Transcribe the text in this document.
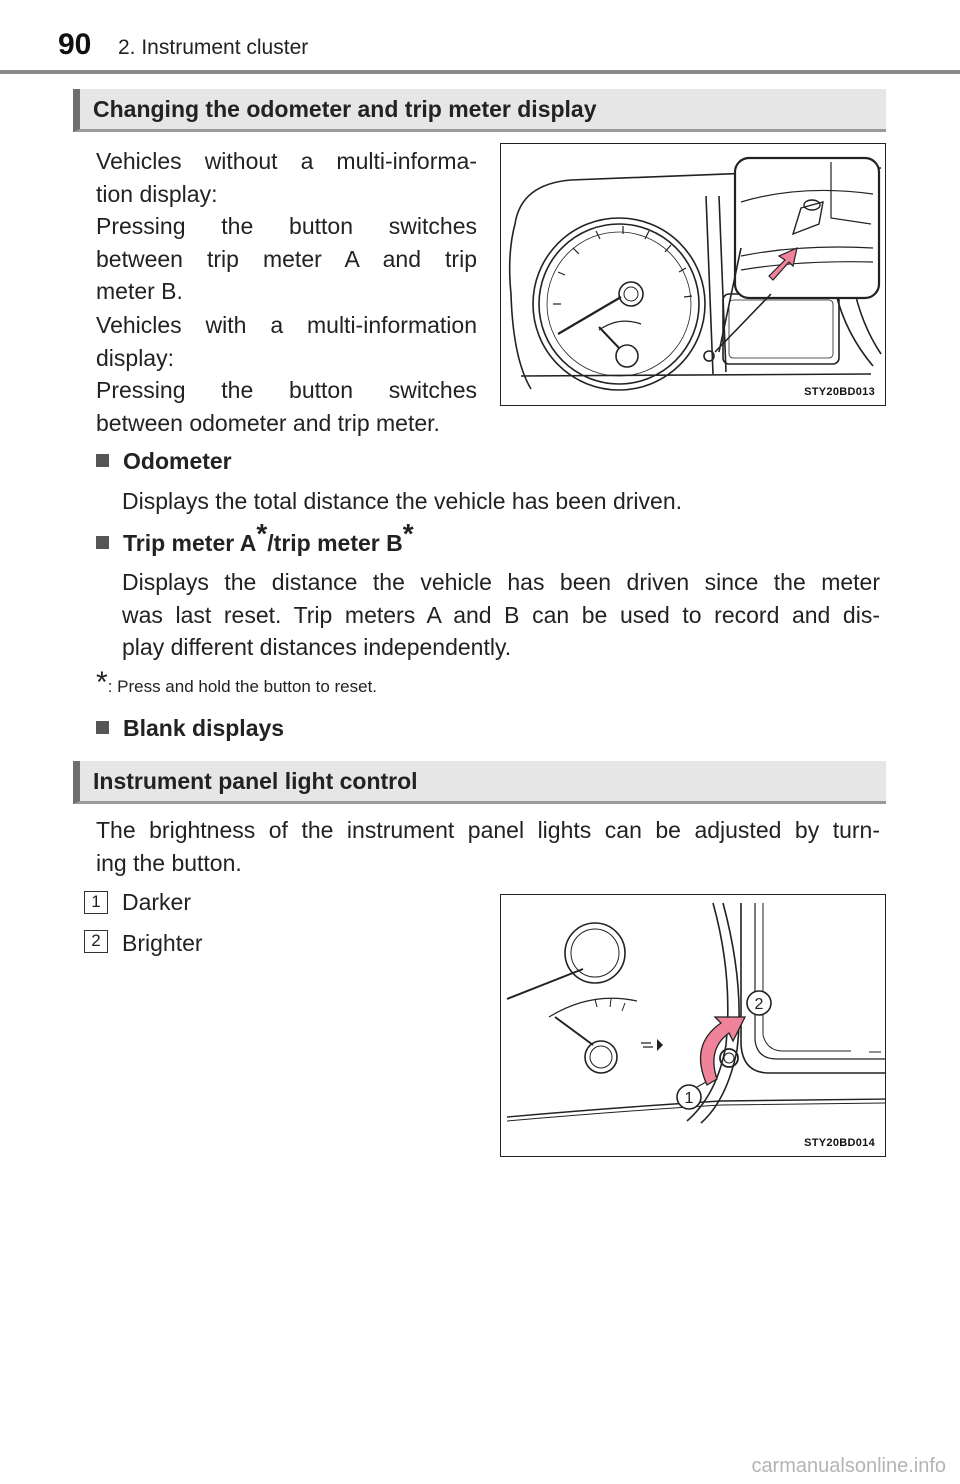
90 2. Instrument cluster
Changing the odometer and trip meter display
Vehicles without a multi-informa-
tion display:
Pressing the button switches
between trip meter A and trip
meter B.
Vehicles with a multi-information
display:
Pressing the button switches
between odometer and trip meter.
STY20BD013
Odometer
Displays the total distance the vehicle has been driven.
Trip meter A*/trip meter B*
Displays the distance the vehicle has been driven since the meter
was last reset. Trip meters A and B can be used to record and dis-
play different distances independently.
*: Press and hold the button to reset.
Blank displays
Instrument panel light control
The brightness of the instrument panel lights can be adjusted by turn-
ing the button.
1 Darker
2 Brighter
2
1
STY20BD014
carmanualsonline.info
